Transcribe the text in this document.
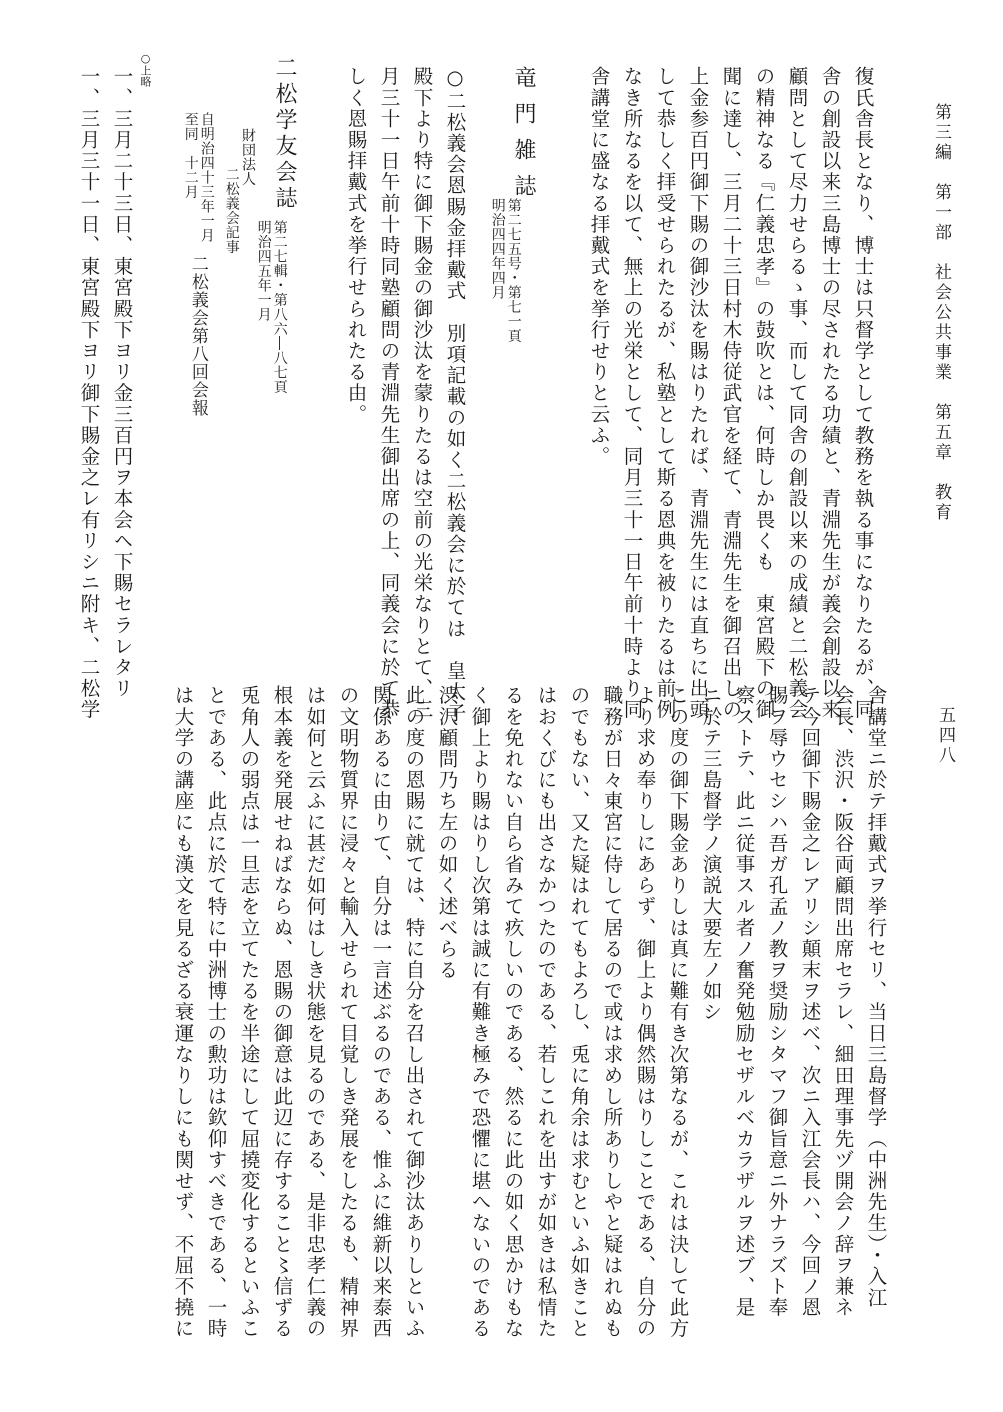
第三編　第一部　社会公共事業　第五章　教育
五四八
復氏舎長となり、博士は只督学として教務を執る事になりたるが、同
舎の創設以来三島博士の尽されたる功績と、青淵先生が義会創設以来
顧問として尽力せらるゝ事、而して同舎の創設以来の成績と二松義会
の精神なる『仁義忠孝』の鼓吹とは、何時しか畏くも　東宮殿下の御
聞に達し、三月二十三日村木侍従武官を経て、青淵先生を御召出しの
上金参百円御下賜の御沙汰を賜はりたれば、青淵先生には直ちに出頭
して恭しく拝受せられたるが、私塾として斯る恩典を被りたるは前例
なき所なるを以て、無上の光栄として、同月三十一日午前十時より同
舎講堂に盛なる拝戴式を挙行せりと云ふ。
竜門雑誌
第二七五号・第七一頁
明治四四年四月
○二松義会恩賜金拝戴式　別項記載の如く二松義会に於ては　皇太子
殿下より特に御下賜金の御沙汰を蒙りたるは空前の光栄なりとて、三
月三十一日午前十時同塾顧問の青淵先生御出席の上、同義会に於て恭
しく恩賜拝戴式を挙行せられたる由。
二松学友会誌
第二七輯・第八六―八七頁
明治四五年一月
財団法人
二松義会記事
自明治四十三年一月
至同　十二月
二松義会第八回会報
○上略
一、三月二十三日、東宮殿下ヨリ金三百円ヲ本会ヘ下賜セラレタリ
一、三月三十一日、東宮殿下ヨリ御下賜金之レ有リシニ附キ、二松学
舎講堂ニ於テ拝戴式ヲ挙行セリ、当日三島督学（中洲先生）・入江
会長、渋沢・阪谷両顧問出席セラレ、細田理事先ヅ開会ノ辞ヲ兼ネ
テ今回御下賜金之レアリシ顛末ヲ述ベ、次ニ入江会長ハ、今回ノ恩
賜ヲ辱ウセシハ吾ガ孔孟ノ教ヲ奨励シタマフ御旨意ニ外ナラズト奉
察ストテ、此ニ従事スル者ノ奮発勉励セザルベカラザルヲ述ブ、是
ニ於テ三島督学ノ演説大要左ノ如シ
この度の御下賜金ありしは真に難有き次第なるが、これは決して此方
より求め奉りしにあらず、御上より偶然賜はりしことである、自分の
職務が日々東宮に侍して居るので或は求めし所ありしやと疑はれぬも
のでもない、又た疑はれてもよろし、兎に角余は求むといふ如きこと
はおくびにも出さなかつたのである、若しこれを出すが如きは私情た
るを免れない自ら省みて疚しいのである、然るに此の如く思かけもな
く御上より賜はりし次第は誠に有難き極みで恐懼に堪へないのである
渋沢顧問乃ち左の如く述べらる
此の度の恩賜に就ては、特に自分を召し出されて御沙汰ありしといふ
関係あるに由りて、自分は一言述ぶるのである、惟ふに維新以来泰西
の文明物質界に浸々と輸入せられて目覚しき発展をしたるも、精神界
は如何と云ふに甚だ如何はしき状態を見るのである、是非忠孝仁義の
根本義を発展せねばならぬ、恩賜の御意は此辺に存すること〻信ずる
兎角人の弱点は一旦志を立てたるを半途にして屈撓変化するといふこ
とである、此点に於て特に中洲博士の勲功は欽仰すべきである、一時
は大学の講座にも漢文を見るざる衰運なりしにも関せず、不屈不撓に
